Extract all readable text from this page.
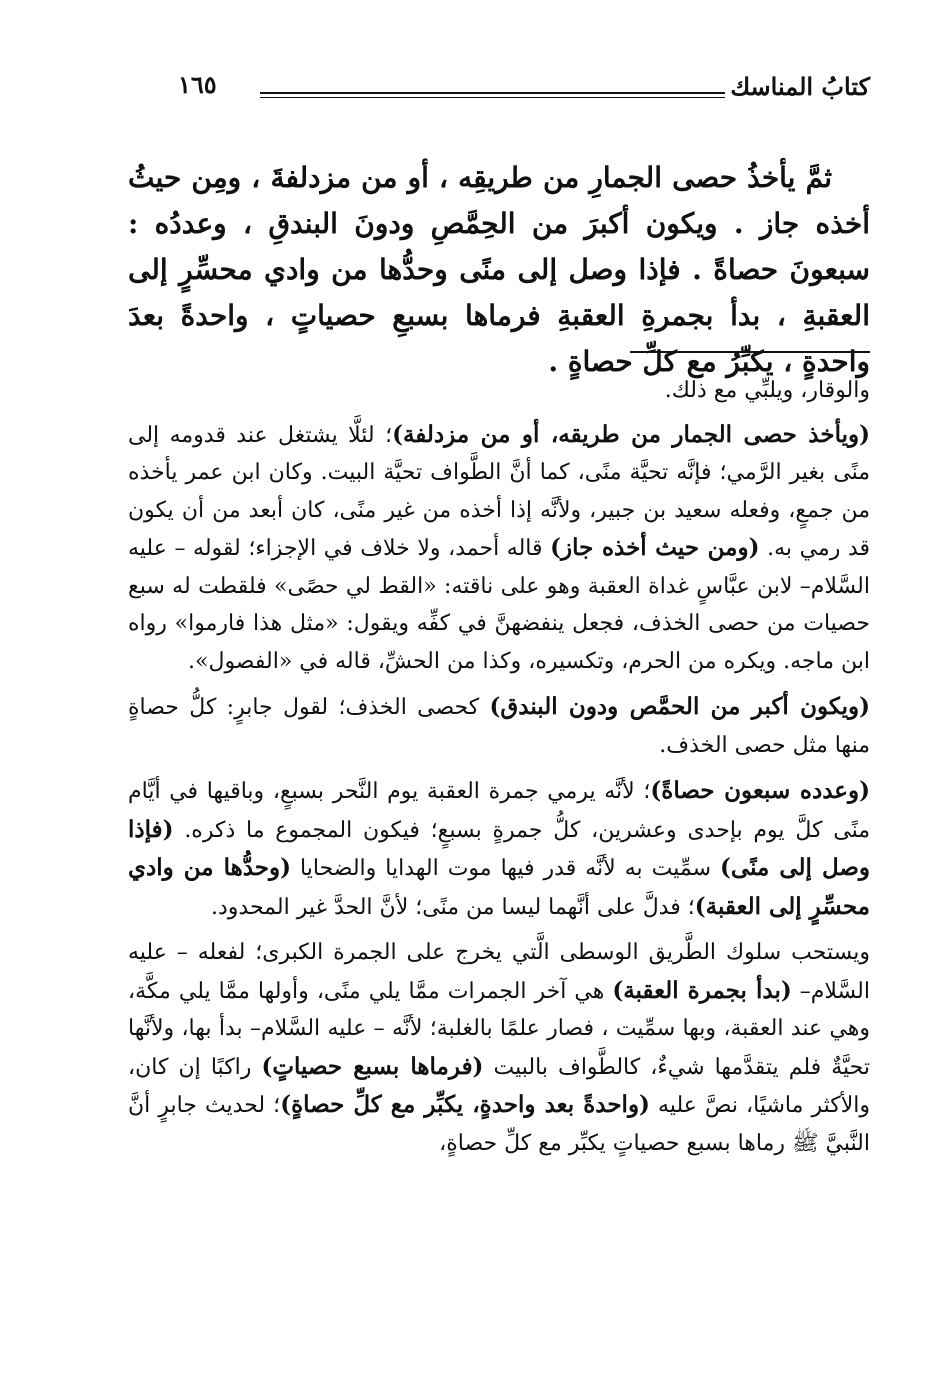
كتابُ المناسك
١٦٥

ثمَّ يأخذُ حصى الجمارِ من طريقِه ، أو من مزدلفةَ ، ومِن حيثُ أخذه جاز . ويكون أكبرَ من الحِمَّصِ ودونَ البندقِ ، وعددُه : سبعونَ حصاةً . فإذا وصل إلى منًى وحدُّها من وادي محسِّرٍ إلى العقبةِ ، بدأ بجمرةِ العقبةِ فرماها بسبعِ حصياتٍ ، واحدةً بعدَ واحدةٍ ، يكبِّرُ مع كلِّ حصاةٍ .

والوقار، ويلبِّي مع ذلك.

(ويأخذ حصى الجمار من طريقه، أو من مزدلفة)؛ لئلَّا يشتغل عند قدومه إلى منًى بغير الرَّمي؛ فإنَّه تحيَّة منًى، كما أنَّ الطَّواف تحيَّة البيت. وكان ابن عمر يأخذه من جمعٍ، وفعله سعيد بن جبير، ولأنَّه إذا أخذه من غير منًى، كان أبعد من أن يكون قد رمي به. (ومن حيث أخذه جاز) قاله أحمد، ولا خلاف في الإجزاء؛ لقوله – عليه السَّلام– لابن عبَّاسٍ غداة العقبة وهو على ناقته: «القط لي حصًى» فلقطت له سبع حصيات من حصى الخذف، فجعل ينفضهنَّ في كفِّه ويقول: «مثل هذا فارموا» رواه ابن ماجه. ويكره من الحرم، وتكسيره، وكذا من الحشِّ، قاله في «الفصول».

(ويكون أكبر من الحمَّص ودون البندق) كحصى الخذف؛ لقول جابرٍ: كلُّ حصاةٍ منها مثل حصى الخذف.

(وعدده سبعون حصاةً)؛ لأنَّه يرمي جمرة العقبة يوم النَّحر بسبعٍ، وباقيها في أيَّام منًى كلَّ يوم بإحدى وعشرين، كلُّ جمرةٍ بسبعٍ؛ فيكون المجموع ما ذكره. (فإذا وصل إلى منًى) سمِّيت به لأنَّه قدر فيها موت الهدايا والضحايا (وحدُّها من وادي محسِّرٍ إلى العقبة)؛ فدلَّ على أنَّهما ليسا من منًى؛ لأنَّ الحدَّ غير المحدود.

ويستحب سلوك الطَّريق الوسطى الَّتي يخرج على الجمرة الكبرى؛ لفعله – عليه السَّلام– (بدأ بجمرة العقبة) هي آخر الجمرات ممَّا يلي منًى، وأولها ممَّا يلي مكَّة، وهي عند العقبة، وبها سمِّيت ، فصار علمًا بالغلبة؛ لأنَّه – عليه السَّلام– بدأ بها، ولأنَّها تحيَّةٌ فلم يتقدَّمها شيءٌ، كالطَّواف بالبيت (فرماها بسبع حصياتٍ) راكبًا إن كان، والأكثر ماشيًا، نصَّ عليه (واحدةً بعد واحدةٍ، يكبِّر مع كلِّ حصاةٍ)؛ لحديث جابرٍ أنَّ النَّبيَّ ﷺ رماها بسبع حصياتٍ يكبِّر مع كلِّ حصاةٍ،
